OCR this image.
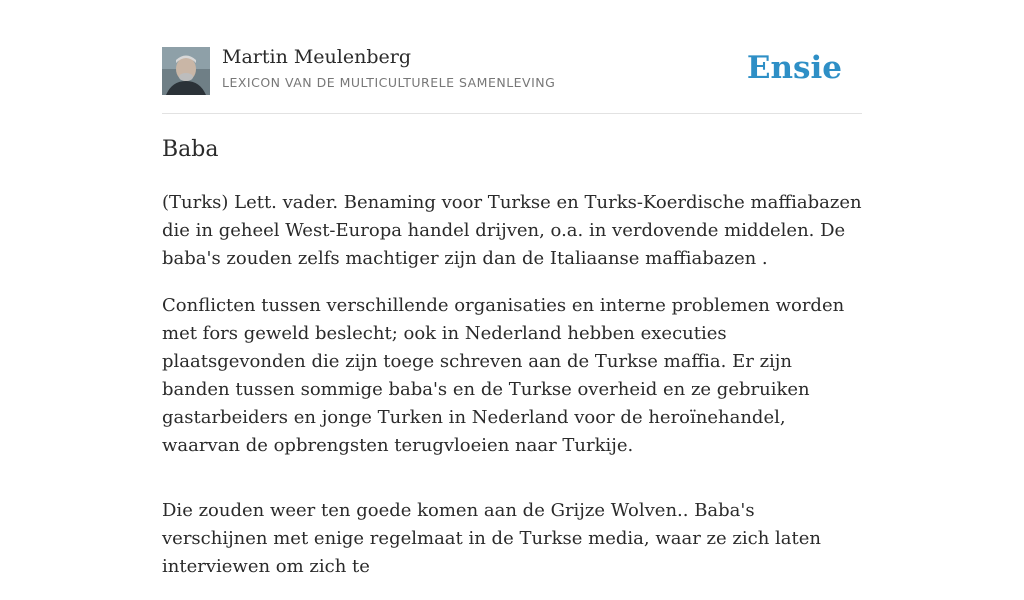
Martin Meulenberg
LEXICON VAN DE MULTICULTURELE SAMENLEVING	Ensie
Baba

(Turks) Lett. vader. Benaming voor Turkse en Turks-Koerdische maffiabazen die in geheel West-Europa handel drijven, o.a. in verdovende middelen. De baba's zouden zelfs machtiger zijn dan de Italiaanse maffiabazen .

Conflicten tussen verschillende organisaties en interne problemen worden met fors geweld beslecht; ook in Nederland hebben executies plaatsgevonden die zijn toege schreven aan de Turkse maffia. Er zijn banden tussen sommige baba's en de Turkse overheid en ze gebruiken gastarbeiders en jonge Turken in Nederland voor de heroïnehandel, waarvan de opbrengsten terugvloeien naar Turkije.

Die zouden weer ten goede komen aan de Grijze Wolven.. Baba's verschijnen met enige regelmaat in de Turkse media, waar ze zich laten interviewen om zich te
